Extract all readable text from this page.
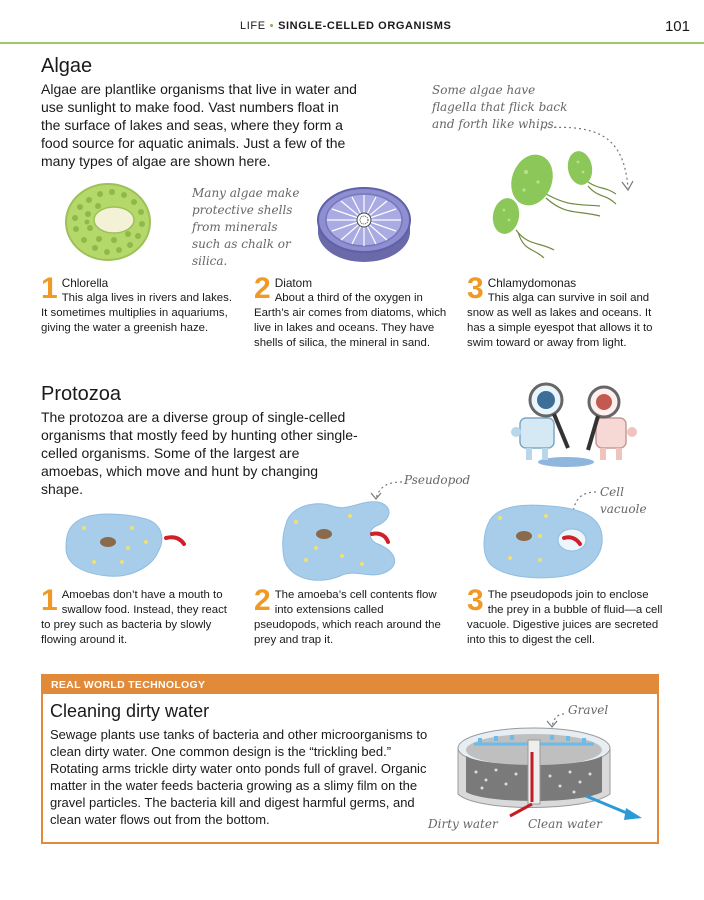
LIFE • SINGLE-CELLED ORGANISMS	101
Algae
Algae are plantlike organisms that live in water and use sunlight to make food. Vast numbers float in the surface of lakes and seas, where they form a food source for aquatic animals. Just a few of the many types of algae are shown here.
Some algae have flagella that flick back and forth like whips.
Many algae make protective shells from minerals such as chalk or silica.
1 Chlorella
This alga lives in rivers and lakes. It sometimes multiplies in aquariums, giving the water a greenish haze.
2 Diatom
About a third of the oxygen in Earth’s air comes from diatoms, which live in lakes and oceans. They have shells of silica, the mineral in sand.
3 Chlamydomonas
This alga can survive in soil and snow as well as lakes and oceans. It has a simple eyespot that allows it to swim toward or away from light.
Protozoa
The protozoa are a diverse group of single-celled organisms that mostly feed by hunting other single-celled organisms. Some of the largest are amoebas, which move and hunt by changing shape.
Pseudopod
Cell vacuole
1 Amoebas don’t have a mouth to swallow food. Instead, they react to prey such as bacteria by slowly flowing around it.
2 The amoeba’s cell contents flow into extensions called pseudopods, which reach around the prey and trap it.
3 The pseudopods join to enclose the prey in a bubble of fluid—a cell vacuole. Digestive juices are secreted into this to digest the cell.
REAL WORLD TECHNOLOGY
Cleaning dirty water
Sewage plants use tanks of bacteria and other microorganisms to clean dirty water. One common design is the “trickling bed.” Rotating arms trickle dirty water onto ponds full of gravel. Organic matter in the water feeds bacteria growing as a slimy film on the gravel particles. The bacteria kill and digest harmful germs, and clean water flows out from the bottom.
Gravel
Dirty water	Clean water
